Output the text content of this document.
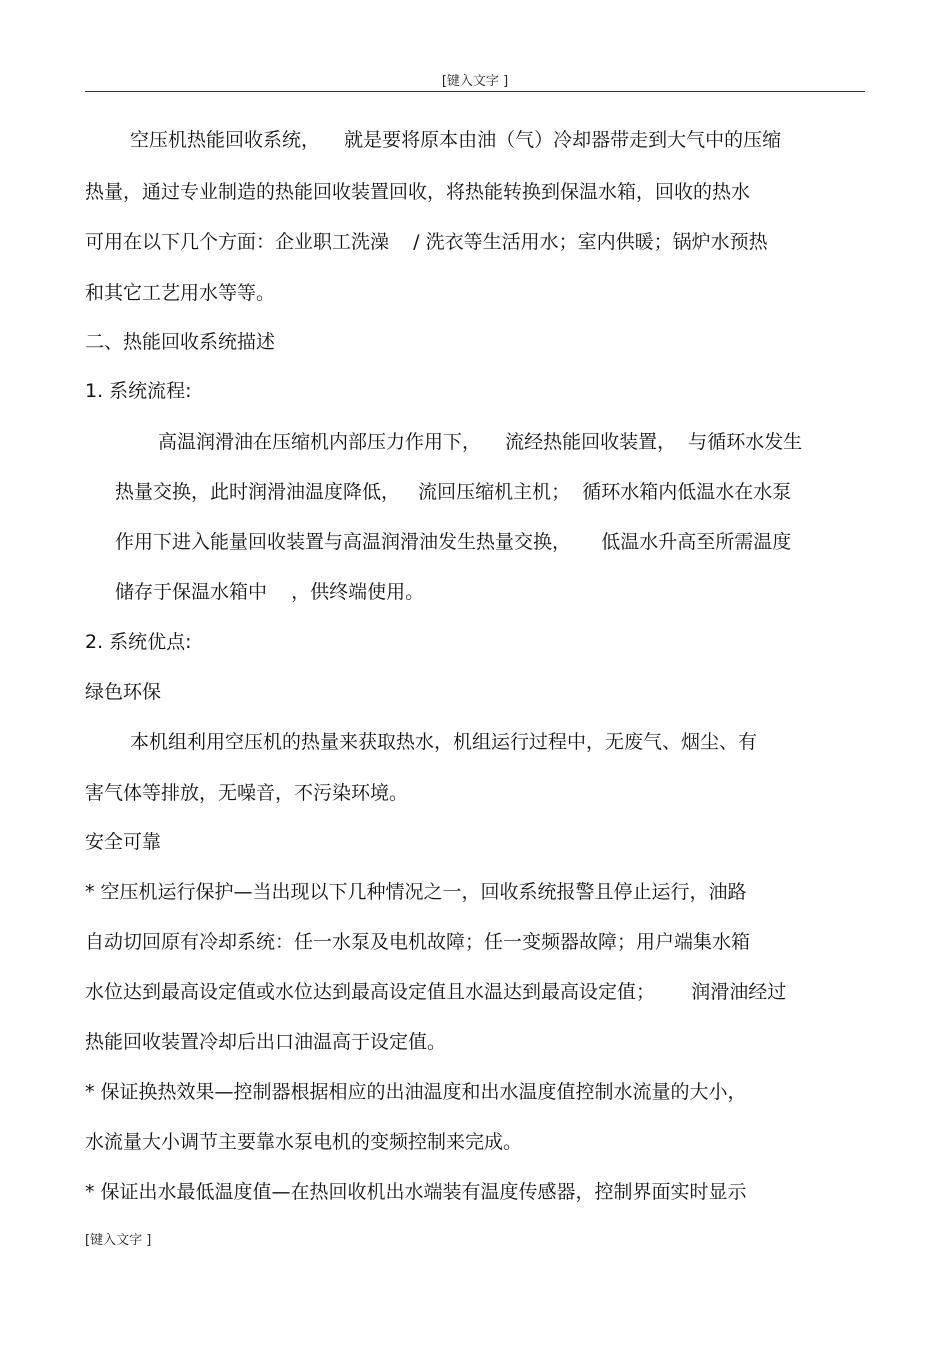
[键入文字 ]
空压机热能回收系统，    就是要将原本由油（气）冷却器带走到大气中的压缩
热量，通过专业制造的热能回收装置回收，将热能转换到保温水箱，回收的热水
可用在以下几个方面：企业职工洗澡    / 洗衣等生活用水；室内供暖；锅炉水预热
和其它工艺用水等等。
二、热能回收系统描述
1. 系统流程:
高温润滑油在压缩机内部压力作用下，    流经热能回收装置，  与循环水发生
热量交换，此时润滑油温度降低，   流回压缩机主机；  循环水箱内低温水在水泵
作用下进入能量回收装置与高温润滑油发生热量交换，     低温水升高至所需温度
储存于保温水箱中    ，供终端使用。
2. 系统优点:
绿色环保
本机组利用空压机的热量来获取热水，机组运行过程中，无废气、烟尘、有
害气体等排放，无噪音，不污染环境。
安全可靠
* 空压机运行保护—当出现以下几种情况之一，回收系统报警且停止运行，油路
自动切回原有冷却系统：任一水泵及电机故障；任一变频器故障；用户端集水箱
水位达到最高设定值或水位达到最高设定值且水温达到最高设定值；      润滑油经过
热能回收装置冷却后出口油温高于设定值。
* 保证换热效果—控制器根据相应的出油温度和出水温度值控制水流量的大小，
水流量大小调节主要靠水泵电机的变频控制来完成。
* 保证出水最低温度值—在热回收机出水端装有温度传感器，控制界面实时显示
[键入文字 ]
